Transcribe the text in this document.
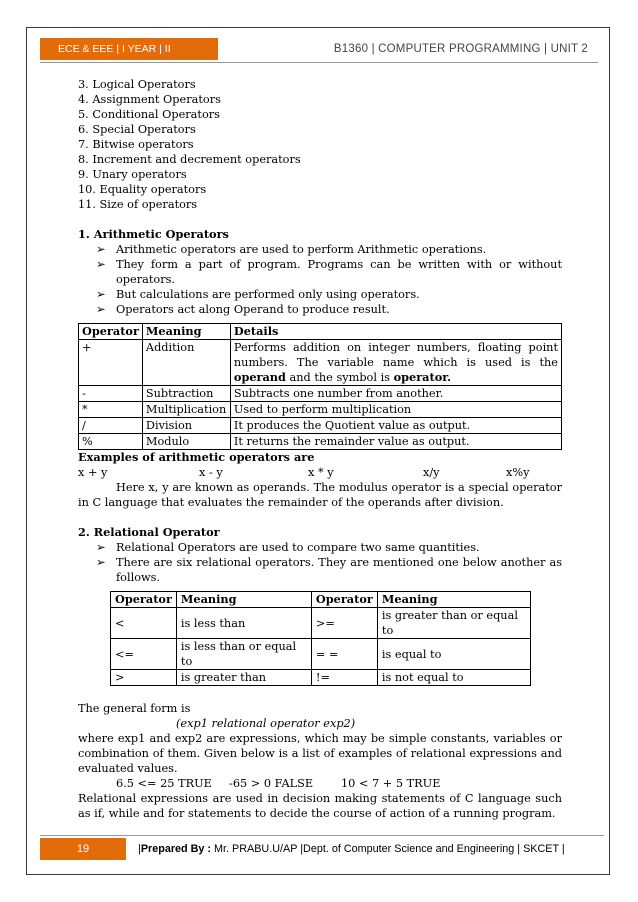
ECE & EEE | I YEAR | II SEMESTER
B1360 | COMPUTER PROGRAMMING | UNIT 2

3. Logical Operators

4. Assignment Operators

5. Conditional Operators

6. Special Operators

7. Bitwise operators

8. Increment and decrement operators

9. Unary operators

10. Equality operators

11. Size of operators

1. Arithmetic Operators

➢ Arithmetic operators are used to perform Arithmetic operations.
➢ They form a part of program. Programs can be written with or without operators.
➢ But calculations are performed only using operators.
➢ Operators act along Operand to produce result.
Operator	Meaning	Details
+	Addition	Performs addition on integer numbers, floating point numbers. The variable name which is used is the operand and the symbol is operator.
-	Subtraction	Subtracts one number from another.
*	Multiplication	Used to perform multiplication
/	Division	It produces the Quotient value as output.
%	Modulo	It returns the remainder value as output.

Examples of arithmetic operators are

x + y	x - y	x * y	x/y	x%y

Here x, y are known as operands. The modulus operator is a special operator in C language that evaluates the remainder of the operands after division.

2. Relational Operator

➢ Relational Operators are used to compare two same quantities.
➢ There are six relational operators. They are mentioned one below another as follows.
Operator	Meaning	Operator	Meaning
<	is less than	>=	is greater than or equal to
<=	is less than or equal to	= =	is equal to
>	is greater than	!=	is not equal to

The general form is

(exp1 relational operator exp2)

where exp1 and exp2 are expressions, which may be simple constants, variables or combination of them. Given below is a list of examples of relational expressions and evaluated values.

6.5 <= 25 TRUE	-65 > 0 FALSE	10 < 7 + 5 TRUE

Relational expressions are used in decision making statements of C language such as if, while and for statements to decide the course of action of a running program.

19	|Prepared By : Mr. PRABU.U/AP |Dept. of Computer Science and Engineering | SKCET |
